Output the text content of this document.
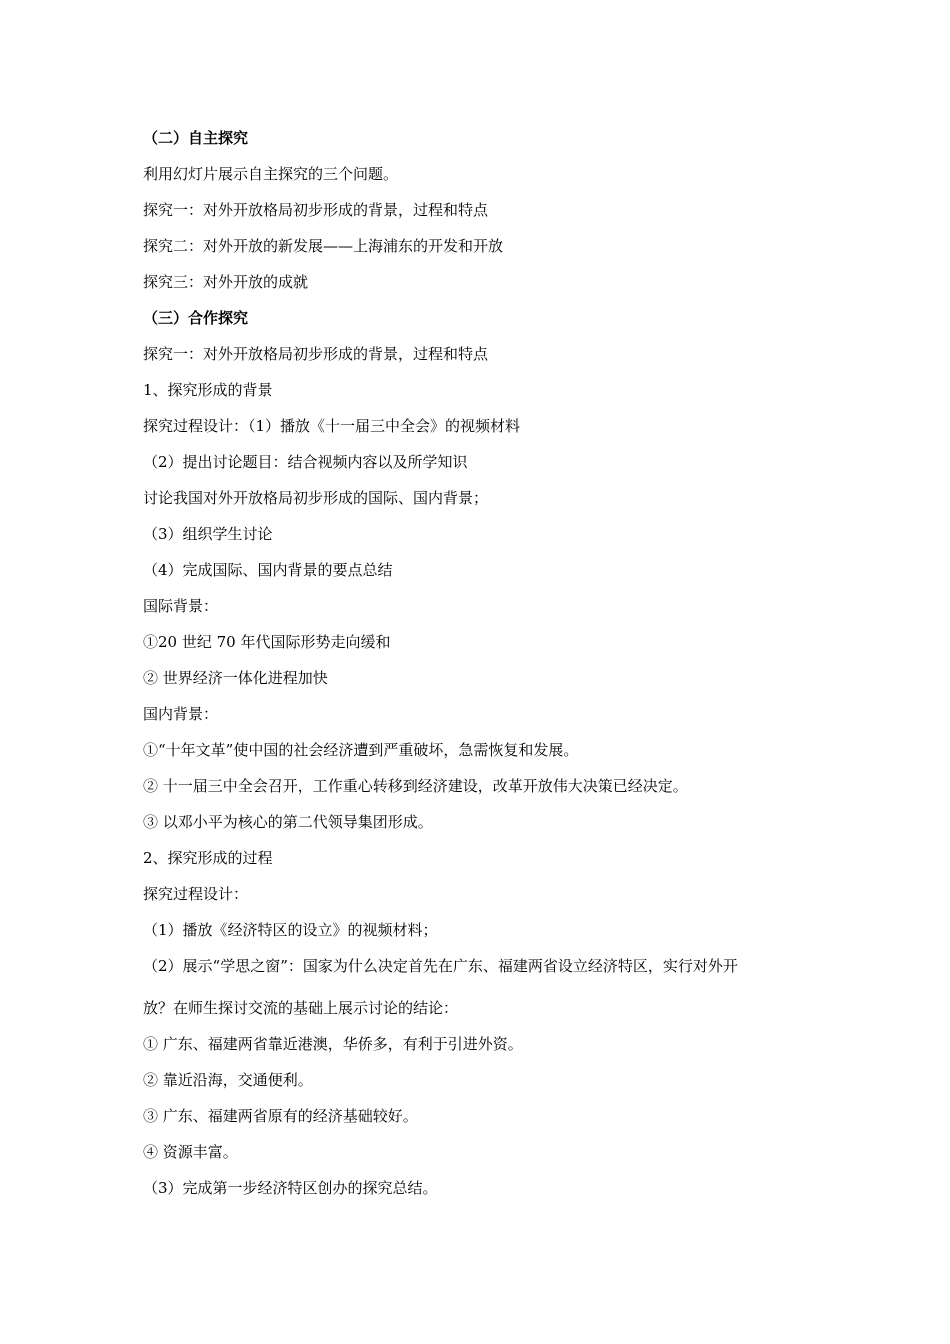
（二）自主探究
利用幻灯片展示自主探究的三个问题。
探究一：对外开放格局初步形成的背景，过程和特点
探究二：对外开放的新发展——上海浦东的开发和开放
探究三：对外开放的成就
（三）合作探究
探究一：对外开放格局初步形成的背景，过程和特点
1、探究形成的背景
探究过程设计：（1）播放《十一届三中全会》的视频材料
（2）提出讨论题目：结合视频内容以及所学知识
讨论我国对外开放格局初步形成的国际、国内背景；
（3）组织学生讨论
（4）完成国际、国内背景的要点总结
国际背景：
①20 世纪 70 年代国际形势走向缓和
② 世界经济一体化进程加快
国内背景：
①“十年文革”使中国的社会经济遭到严重破坏，急需恢复和发展。
② 十一届三中全会召开，工作重心转移到经济建设，改革开放伟大决策已经决定。
③ 以邓小平为核心的第二代领导集团形成。
2、探究形成的过程
探究过程设计：
（1）播放《经济特区的设立》的视频材料；
（2）展示“学思之窗”：国家为什么决定首先在广东、福建两省设立经济特区，实行对外开
放？在师生探讨交流的基础上展示讨论的结论：
① 广东、福建两省靠近港澳，华侨多，有利于引进外资。
② 靠近沿海，交通便利。
③ 广东、福建两省原有的经济基础较好。
④ 资源丰富。
（3）完成第一步经济特区创办的探究总结。
